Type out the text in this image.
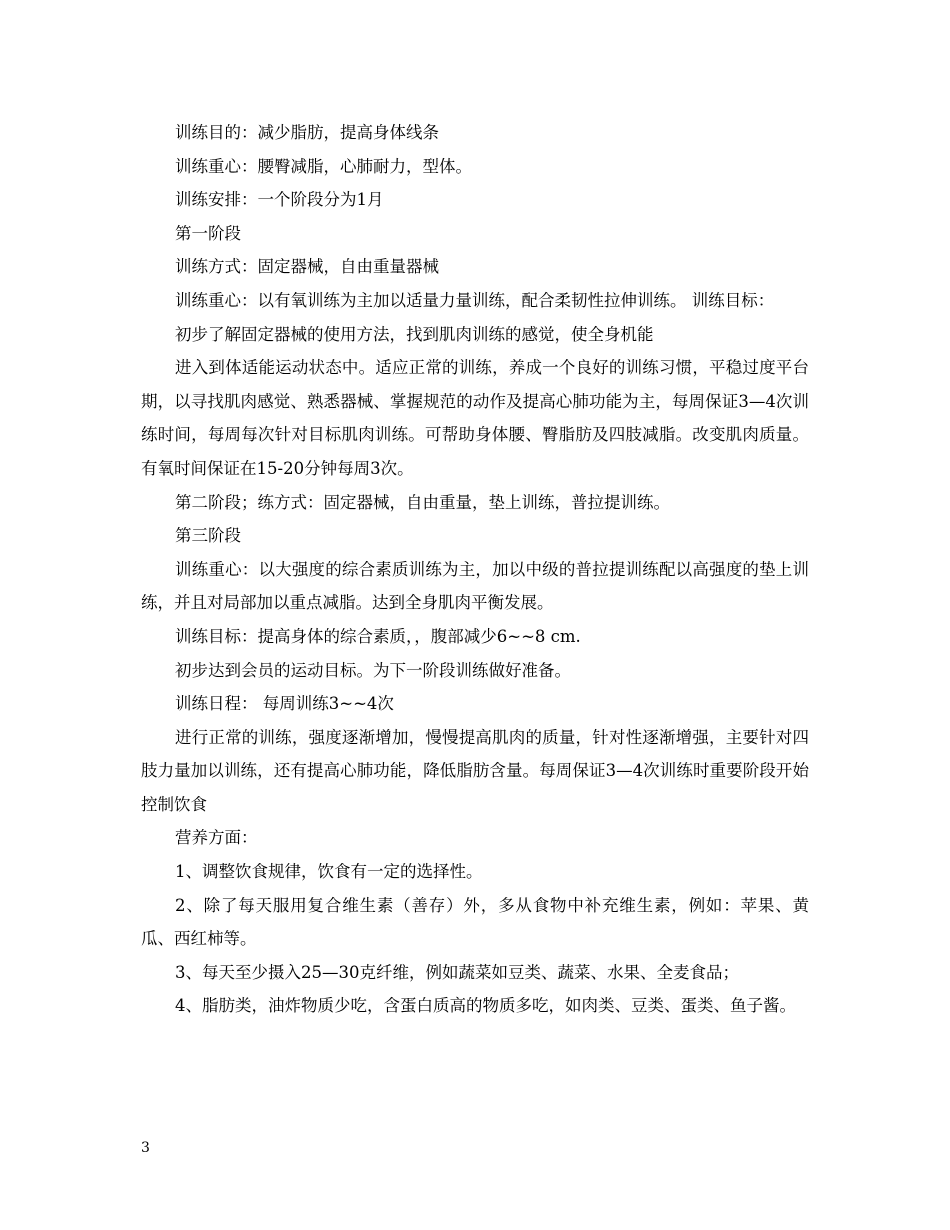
训练目的：减少脂肪，提高身体线条

训练重心：腰臀减脂，心肺耐力，型体。

训练安排：一个阶段分为1月

第一阶段

训练方式：固定器械，自由重量器械

训练重心：以有氧训练为主加以适量力量训练，配合柔韧性拉伸训练。 训练目标：

初步了解固定器械的使用方法，找到肌肉训练的感觉，使全身机能

进入到体适能运动状态中。适应正常的训练，养成一个良好的训练习惯，平稳过度平台期，以寻找肌肉感觉、熟悉器械、掌握规范的动作及提高心肺功能为主，每周保证3—4次训练时间，每周每次针对目标肌肉训练。可帮助身体腰、臀脂肪及四肢减脂。改变肌肉质量。有氧时间保证在15-20分钟每周3次。

第二阶段；练方式：固定器械，自由重量，垫上训练，普拉提训练。

第三阶段

训练重心：以大强度的综合素质训练为主，加以中级的普拉提训练配以高强度的垫上训练，并且对局部加以重点减脂。达到全身肌肉平衡发展。

训练目标：提高身体的综合素质，，腹部减少6~~8 cm.

初步达到会员的运动目标。为下一阶段训练做好准备。

训练日程： 每周训练3~~4次

进行正常的训练，强度逐渐增加，慢慢提高肌肉的质量，针对性逐渐增强，主要针对四肢力量加以训练，还有提高心肺功能，降低脂肪含量。每周保证3—4次训练时重要阶段开始控制饮食

营养方面：

1、调整饮食规律，饮食有一定的选择性。

2、除了每天服用复合维生素（善存）外，多从食物中补充维生素，例如：苹果、黄瓜、西红柿等。

3、每天至少摄入25—30克纤维，例如蔬菜如豆类、蔬菜、水果、全麦食品；

4、脂肪类，油炸物质少吃，含蛋白质高的物质多吃，如肉类、豆类、蛋类、鱼子酱。

3
